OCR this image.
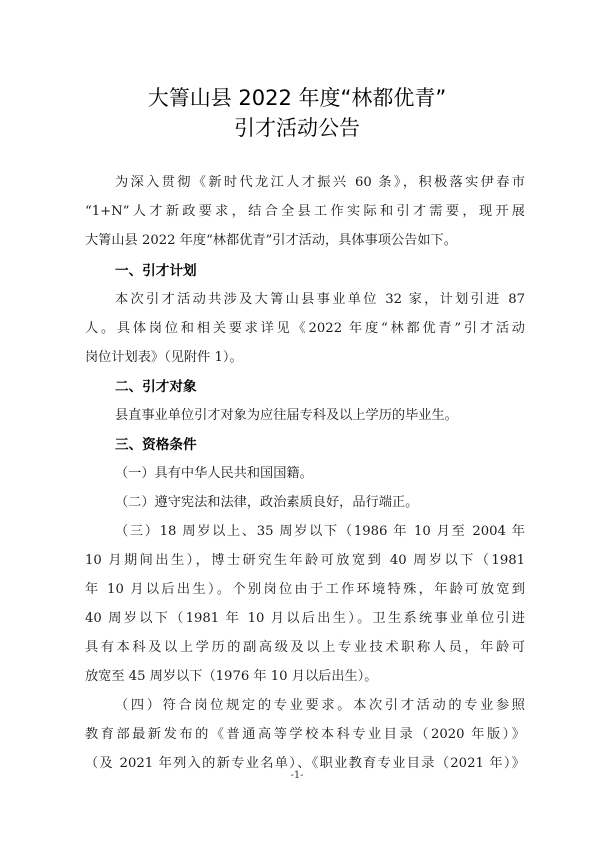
大箐山县 2022 年度“林都优青”
引才活动公告
为深入贯彻《新时代龙江人才振兴 60 条》，积极落实伊春市
“1+N”人才新政要求，结合全县工作实际和引才需要，现开展
大箐山县 2022 年度“林都优青”引才活动，具体事项公告如下。
一、引才计划
本次引才活动共涉及大箐山县事业单位 32 家，计划引进 87
人。具体岗位和相关要求详见《2022 年度“林都优青”引才活动
岗位计划表》（见附件 1）。
二、引才对象
县直事业单位引才对象为应往届专科及以上学历的毕业生。
三、资格条件
（一）具有中华人民共和国国籍。
（二）遵守宪法和法律，政治素质良好，品行端正。
（三）18 周岁以上、35 周岁以下（1986 年 10 月至 2004 年
10 月期间出生），博士研究生年龄可放宽到 40 周岁以下（1981
年 10 月以后出生）。个别岗位由于工作环境特殊，年龄可放宽到
40 周岁以下（1981 年 10 月以后出生）。卫生系统事业单位引进
具有本科及以上学历的副高级及以上专业技术职称人员，年龄可
放宽至 45 周岁以下（1976 年 10 月以后出生）。
（四）符合岗位规定的专业要求。本次引才活动的专业参照
教育部最新发布的《普通高等学校本科专业目录（2020 年版）》
（及 2021 年列入的新专业名单）、《职业教育专业目录（2021 年）》
-1-
